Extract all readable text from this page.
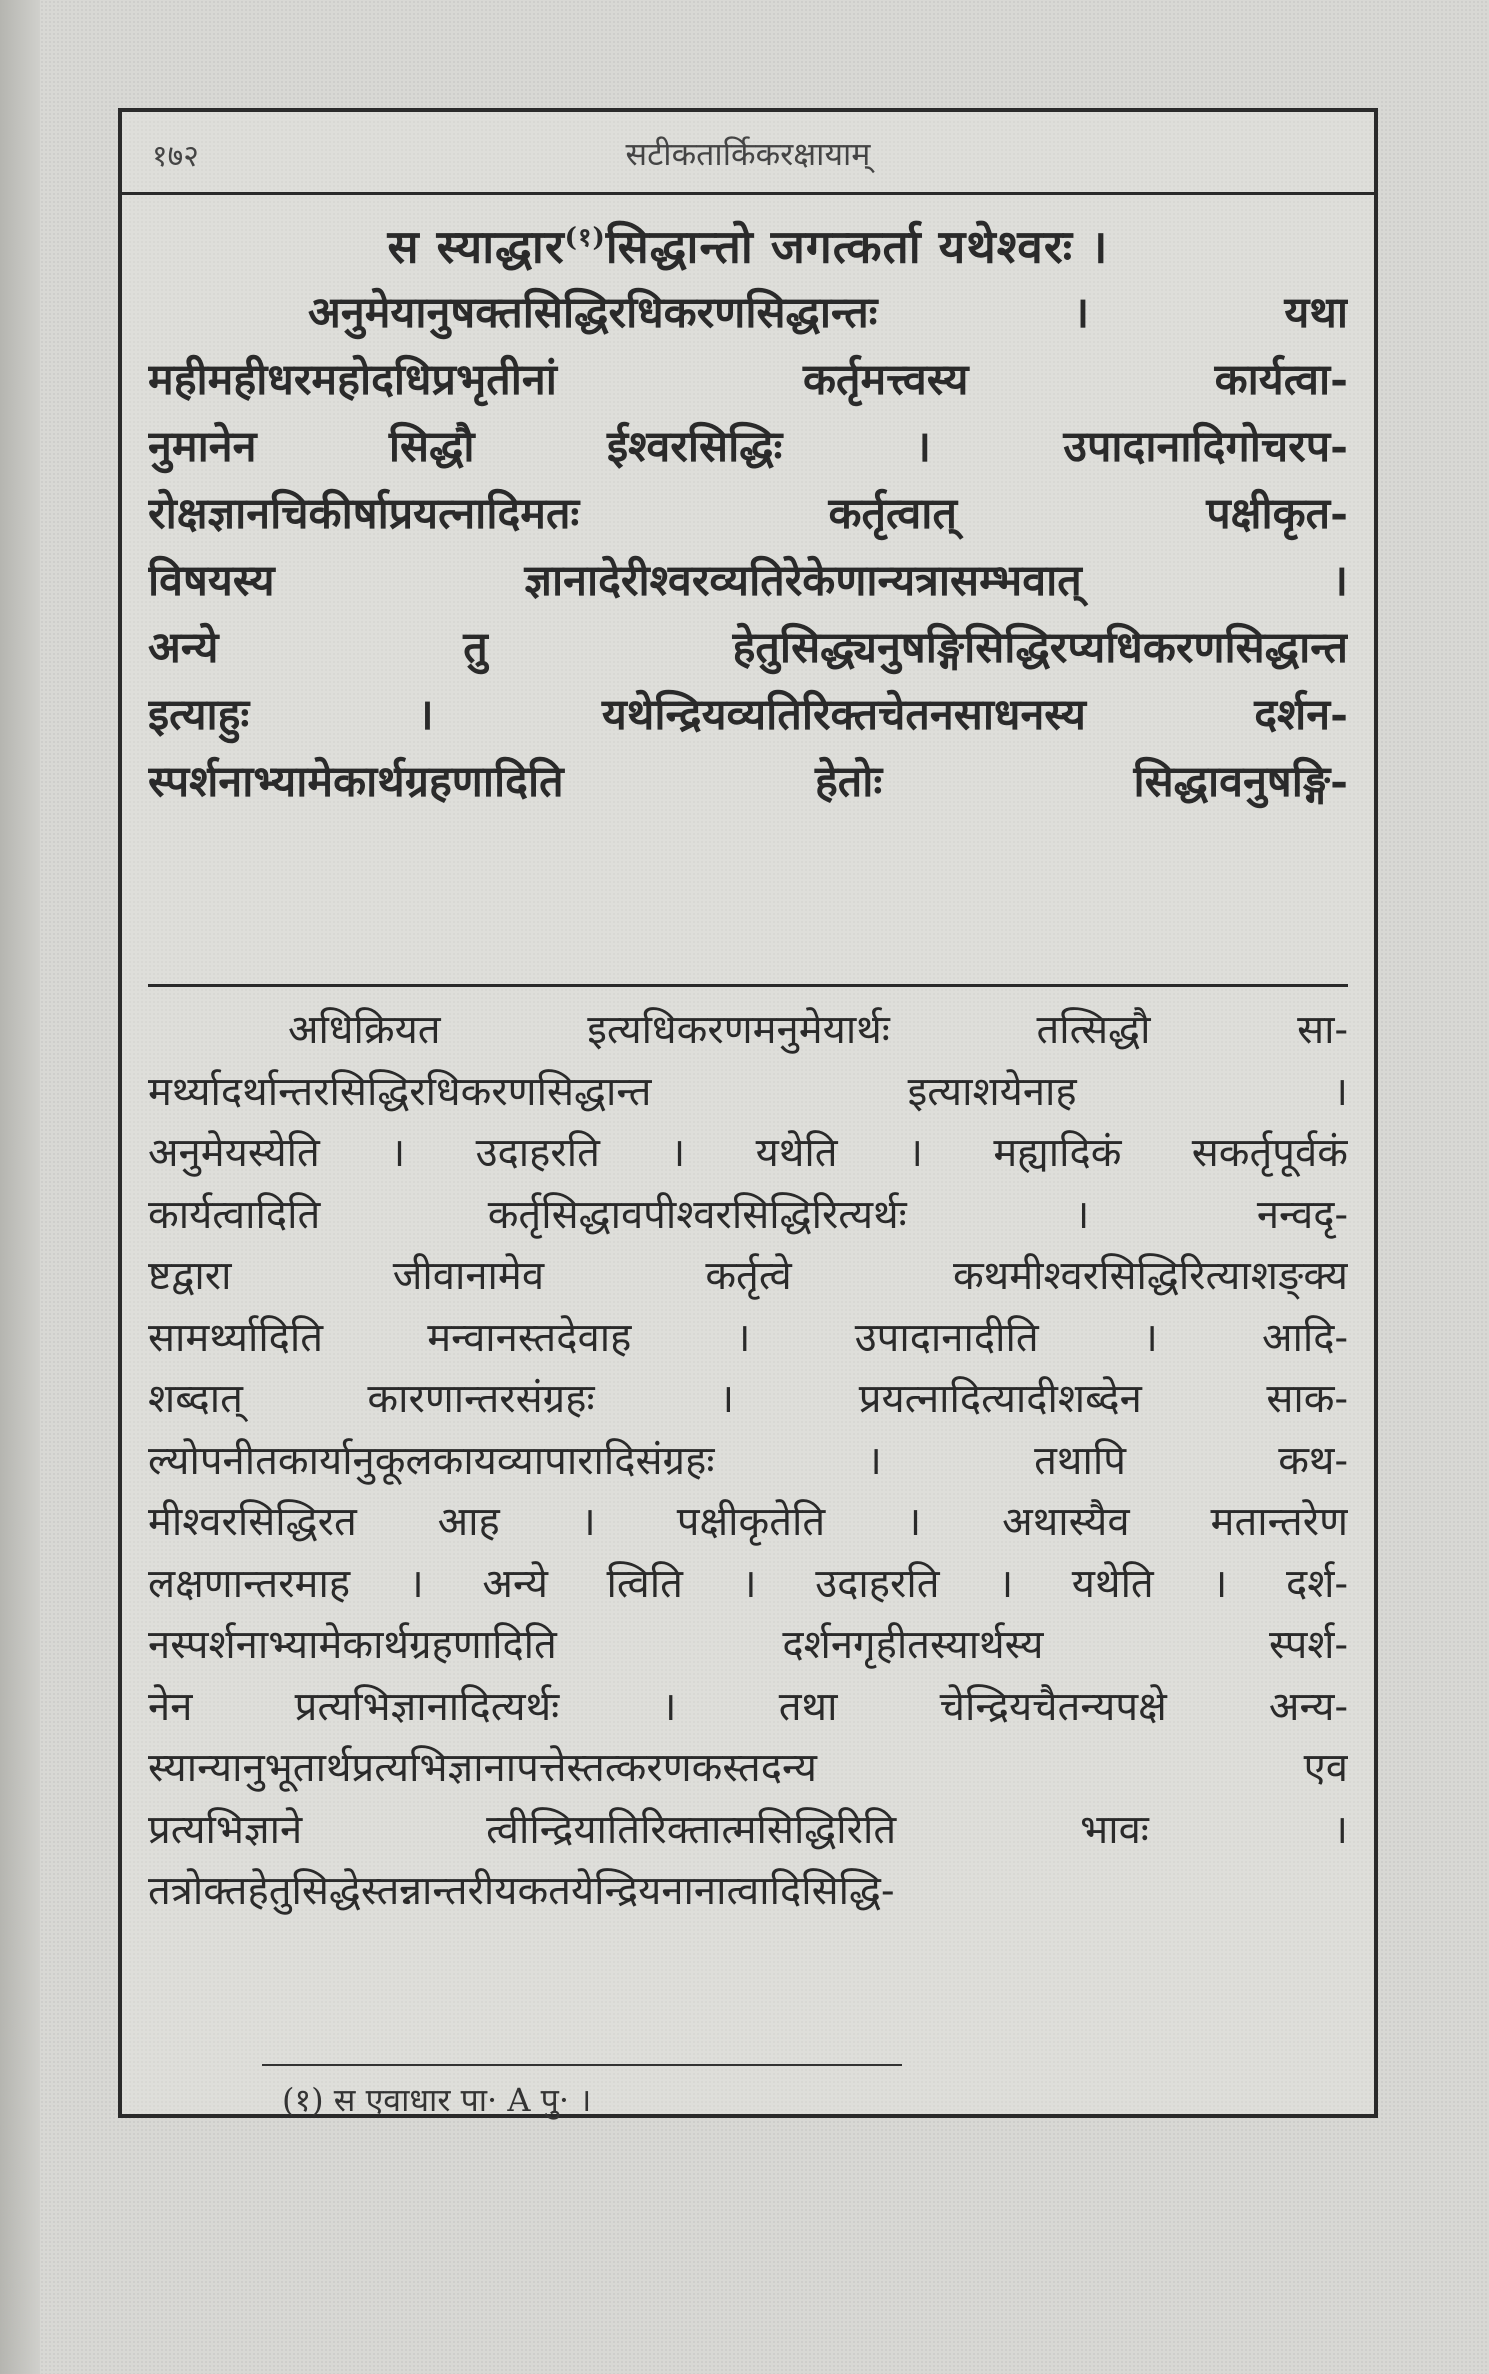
१७२	सटीकतार्किकरक्षायाम्
स स्याद्धार$^{(१)}$सिद्धान्तो जगत्कर्ता यथेश्वरः ।
अनुमेयानुषक्तसिद्धिरधिकरणसिद्धान्तः । यथा
महीमहीधरमहोदधिप्रभृतीनां कर्तृमत्त्वस्य कार्यत्वा-
नुमानेन सिद्धौ ईश्वरसिद्धिः । उपादानादिगोचरप-
रोक्षज्ञानचिकीर्षाप्रयत्नादिमतः कर्तृत्वात् पक्षीकृत-
विषयस्य ज्ञानादेरीश्वरव्यतिरेकेणान्यत्रासम्भवात् ।
अन्ये तु हेतुसिद्ध्यनुषङ्गिसिद्धिरप्यधिकरणसिद्धान्त
इत्याहुः । यथेन्द्रियव्यतिरिक्तचेतनसाधनस्य दर्शन-
स्पर्शनाभ्यामेकार्थग्रहणादिति हेतोः सिद्धावनुषङ्गि-
अधिक्रियत इत्यधिकरणमनुमेयार्थः तत्सिद्धौ सा-
मर्थ्यादर्थान्तरसिद्धिरधिकरणसिद्धान्त इत्याशयेनाह ।
अनुमेयस्येति । उदाहरति । यथेति । मह्यादिकं सकर्तृपूर्वकं
कार्यत्वादिति कर्तृसिद्धावपीश्वरसिद्धिरित्यर्थः । नन्वदृ-
ष्टद्वारा जीवानामेव कर्तृत्वे कथमीश्वरसिद्धिरित्याशङ्क्य
सामर्थ्यादिति मन्वानस्तदेवाह । उपादानादीति । आदि-
शब्दात् कारणान्तरसंग्रहः । प्रयत्नादित्यादीशब्देन साक-
ल्योपनीतकार्यानुकूलकायव्यापारादिसंग्रहः । तथापि कथ-
मीश्वरसिद्धिरत आह । पक्षीकृतेति । अथास्यैव मतान्तरेण
लक्षणान्तरमाह । अन्ये त्विति । उदाहरति । यथेति । दर्श-
नस्पर्शनाभ्यामेकार्थग्रहणादिति दर्शनगृहीतस्यार्थस्य स्पर्श-
नेन प्रत्यभिज्ञानादित्यर्थः । तथा चेन्द्रियचैतन्यपक्षे अन्य-
स्यान्यानुभूतार्थप्रत्यभिज्ञानापत्तेस्तत्करणकस्तदन्य एव
प्रत्यभिज्ञाने त्वीन्द्रियातिरिक्तात्मसिद्धिरिति भावः ।
तत्रोक्तहेतुसिद्धेस्तन्नान्तरीयकतयेन्द्रियनानात्वादिसिद्धि-
(१) स एवाधार पा· A पु· ।
